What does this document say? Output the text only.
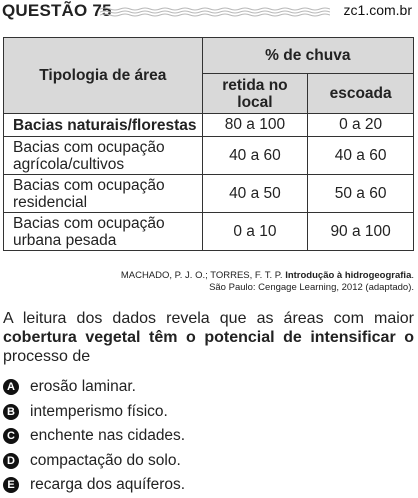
QUESTÃO 75	zc1.com.br
Tipologia de área	% de chuva	
	retida no local	escoada
Bacias naturais/florestas	80 a 100	0 a 20
Bacias com ocupação agrícola/cultivos	40 a 60	40 a 60
Bacias com ocupação residencial	40 a 50	50 a 60
Bacias com ocupação urbana pesada	0 a 10	90 a 100
MACHADO, P. J. O.; TORRES, F. T. P. Introdução à hidrogeografia.
São Paulo: Cengage Learning, 2012 (adaptado).
A leitura dos dados revela que as áreas com maior cobertura vegetal têm o potencial de intensificar o processo de
A erosão laminar.
B intemperismo físico.
C enchente nas cidades.
D compactação do solo.
E recarga dos aquíferos.
